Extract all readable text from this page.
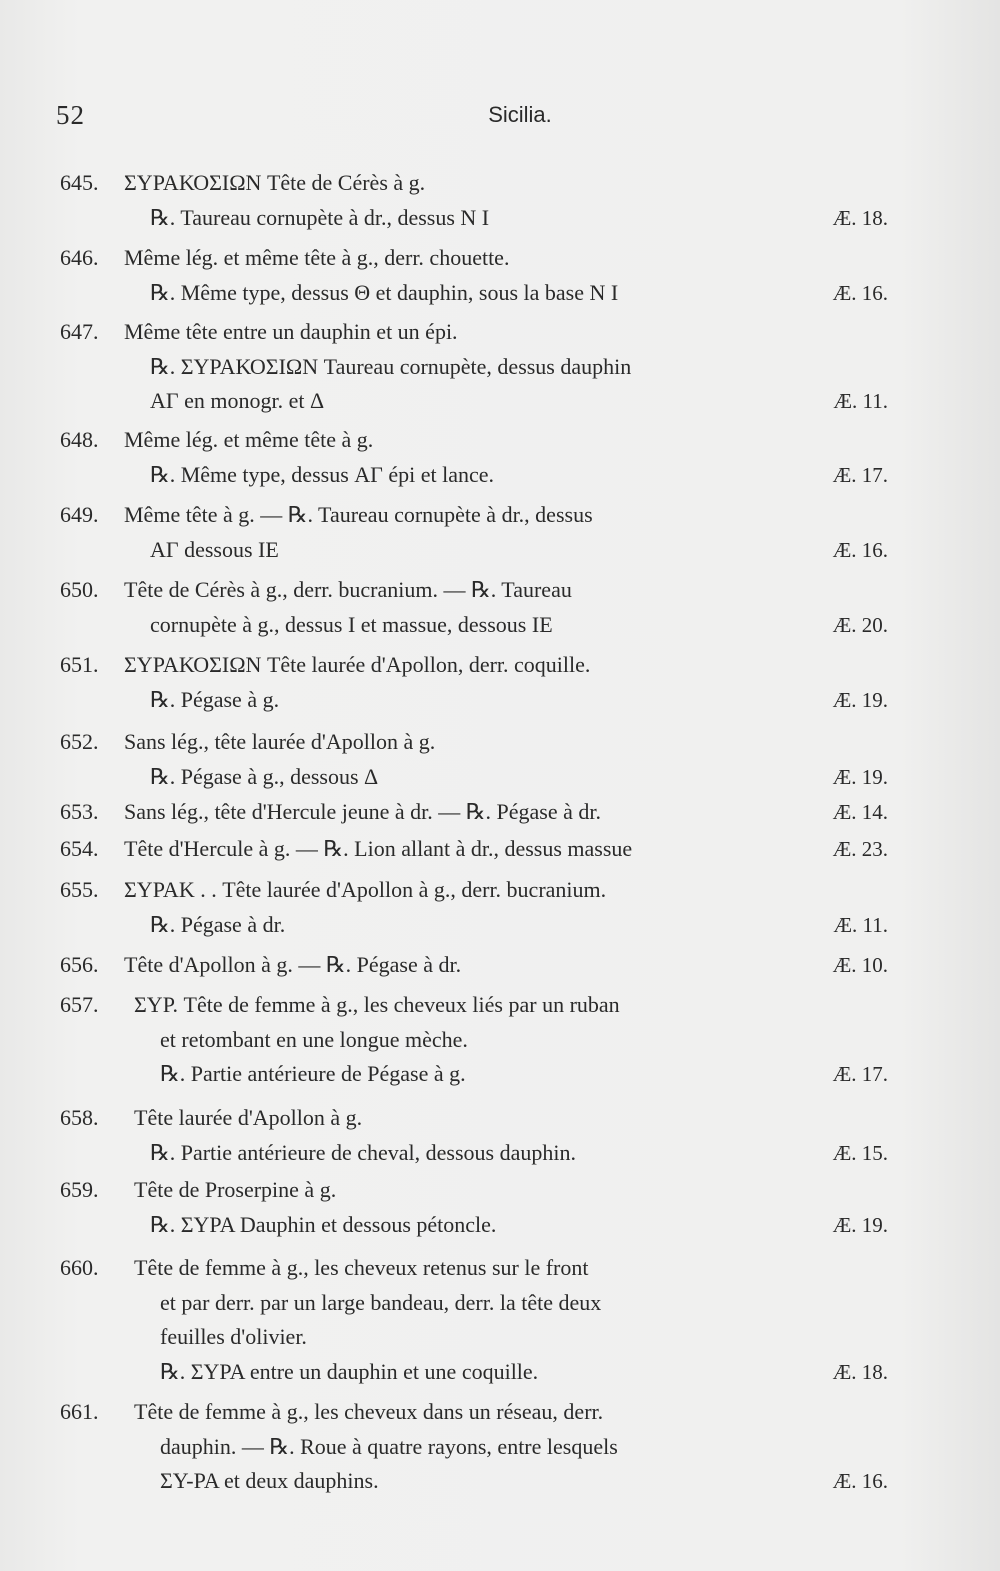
52	Sicilia.
645. ΣΥΡΑΚΟΣΙΩΝ Tête de Cérès à g.
℞. Taureau cornupète à dr., dessus N I	Æ. 18.
646. Même lég. et même tête à g., derr. chouette.
℞. Même type, dessus Θ et dauphin, sous la base N I	Æ. 16.
647. Même tête entre un dauphin et un épi.
℞. ΣΥΡΑΚΟΣΙΩΝ Taureau cornupète, dessus dauphin
ΑΓ en monogr. et Δ	Æ. 11.
648. Même lég. et même tête à g.
℞. Même type, dessus ΑΓ épi et lance.	Æ. 17.
649. Même tête à g. — ℞. Taureau cornupète à dr., dessus
ΑΓ dessous ΙΕ	Æ. 16.
650. Tête de Cérès à g., derr. bucranium. — ℞. Taureau
cornupète à g., dessus Ι et massue, dessous ΙΕ	Æ. 20.
651. ΣΥΡΑΚΟΣΙΩΝ Tête laurée d'Apollon, derr. coquille.
℞. Pégase à g.	Æ. 19.
652. Sans lég., tête laurée d'Apollon à g.
℞. Pégase à g., dessous Δ	Æ. 19.
653. Sans lég., tête d'Hercule jeune à dr. — ℞. Pégase à dr.	Æ. 14.
654. Tête d'Hercule à g. — ℞. Lion allant à dr., dessus massue	Æ. 23.
655. ΣΥΡΑΚ . . Tête laurée d'Apollon à g., derr. bucranium.
℞. Pégase à dr.	Æ. 11.
656. Tête d'Apollon à g. — ℞. Pégase à dr.	Æ. 10.
657. ΣΥΡ. Tête de femme à g., les cheveux liés par un ruban
et retombant en une longue mèche.
℞. Partie antérieure de Pégase à g.	Æ. 17.
658. Tête laurée d'Apollon à g.
℞. Partie antérieure de cheval, dessous dauphin.	Æ. 15.
659. Tête de Proserpine à g.
℞. ΣΥΡΑ Dauphin et dessous pétoncle.	Æ. 19.
660. Tête de femme à g., les cheveux retenus sur le front
et par derr. par un large bandeau, derr. la tête deux
feuilles d'olivier.
℞. ΣΥΡΑ entre un dauphin et une coquille.	Æ. 18.
661. Tête de femme à g., les cheveux dans un réseau, derr.
dauphin. — ℞. Roue à quatre rayons, entre lesquels
ΣΥ-ΡΑ et deux dauphins.	Æ. 16.
